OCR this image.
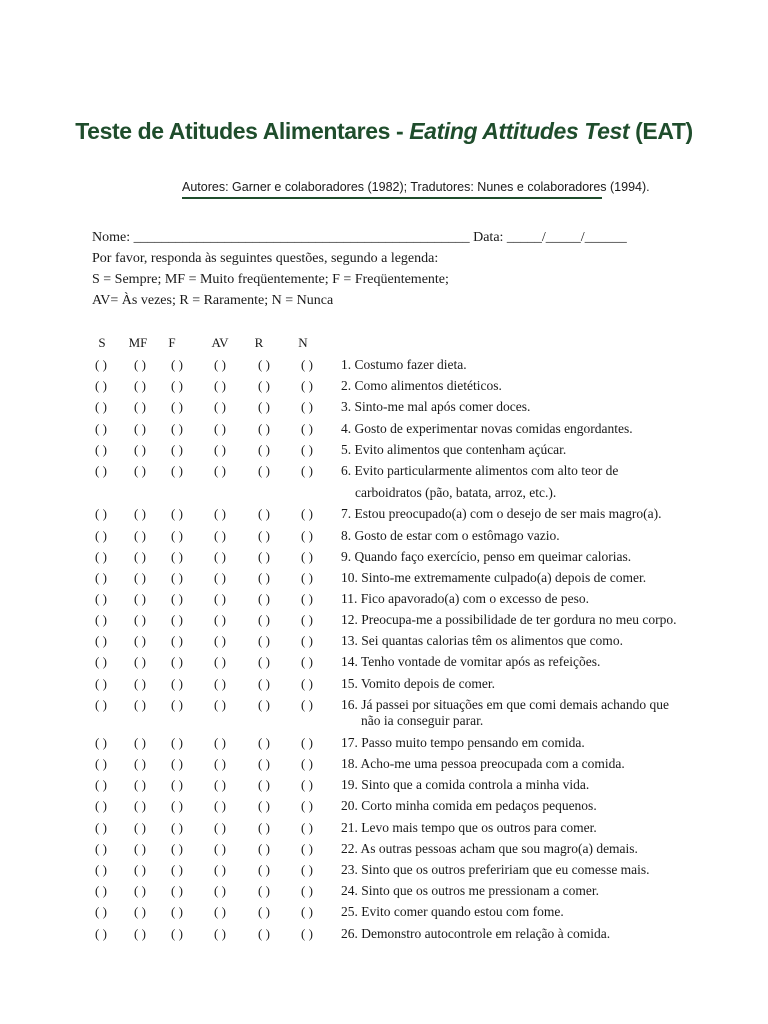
Teste de Atitudes Alimentares - Eating Attitudes Test (EAT)
Autores: Garner e colaboradores (1982); Tradutores: Nunes e colaboradores (1994).
Nome: ________________________________________________ Data: _____/_____/______
Por favor, responda às seguintes questões, segundo a legenda:
S = Sempre; MF = Muito freqüentemente; F = Freqüentemente;
AV= Às vezes; R = Raramente; N = Nunca
S	MF	F	AV	R	N
( )	( )	( )	( )	( )	( )	1. Costumo fazer dieta.
( )	( )	( )	( )	( )	( )	2. Como alimentos dietéticos.
( )	( )	( )	( )	( )	( )	3. Sinto-me mal após comer doces.
( )	( )	( )	( )	( )	( )	4. Gosto de experimentar novas comidas engordantes.
( )	( )	( )	( )	( )	( )	5. Evito alimentos que contenham açúcar.
( )	( )	( )	( )	( )	( )	6. Evito particularmente alimentos com alto teor de
carboidratos (pão, batata, arroz, etc.).
( )	( )	( )	( )	( )	( )	7. Estou preocupado(a) com o desejo de ser mais magro(a).
( )	( )	( )	( )	( )	( )	8. Gosto de estar com o estômago vazio.
( )	( )	( )	( )	( )	( )	9. Quando faço exercício, penso em queimar calorias.
( )	( )	( )	( )	( )	( )	10. Sinto-me extremamente culpado(a) depois de comer.
( )	( )	( )	( )	( )	( )	11. Fico apavorado(a) com o excesso de peso.
( )	( )	( )	( )	( )	( )	12. Preocupa-me a possibilidade de ter gordura no meu corpo.
( )	( )	( )	( )	( )	( )	13. Sei quantas calorias têm os alimentos que como.
( )	( )	( )	( )	( )	( )	14. Tenho vontade de vomitar após as refeições.
( )	( )	( )	( )	( )	( )	15. Vomito depois de comer.
( )	( )	( )	( )	( )	( )	16. Já passei por situações em que comi demais achando que
não ia conseguir parar.
( )	( )	( )	( )	( )	( )	17. Passo muito tempo pensando em comida.
( )	( )	( )	( )	( )	( )	18. Acho-me uma pessoa preocupada com a comida.
( )	( )	( )	( )	( )	( )	19. Sinto que a comida controla a minha vida.
( )	( )	( )	( )	( )	( )	20. Corto minha comida em pedaços pequenos.
( )	( )	( )	( )	( )	( )	21. Levo mais tempo que os outros para comer.
( )	( )	( )	( )	( )	( )	22. As outras pessoas acham que sou magro(a) demais.
( )	( )	( )	( )	( )	( )	23. Sinto que os outros prefeririam que eu comesse mais.
( )	( )	( )	( )	( )	( )	24. Sinto que os outros me pressionam a comer.
( )	( )	( )	( )	( )	( )	25. Evito comer quando estou com fome.
( )	( )	( )	( )	( )	( )	26. Demonstro autocontrole em relação à comida.
